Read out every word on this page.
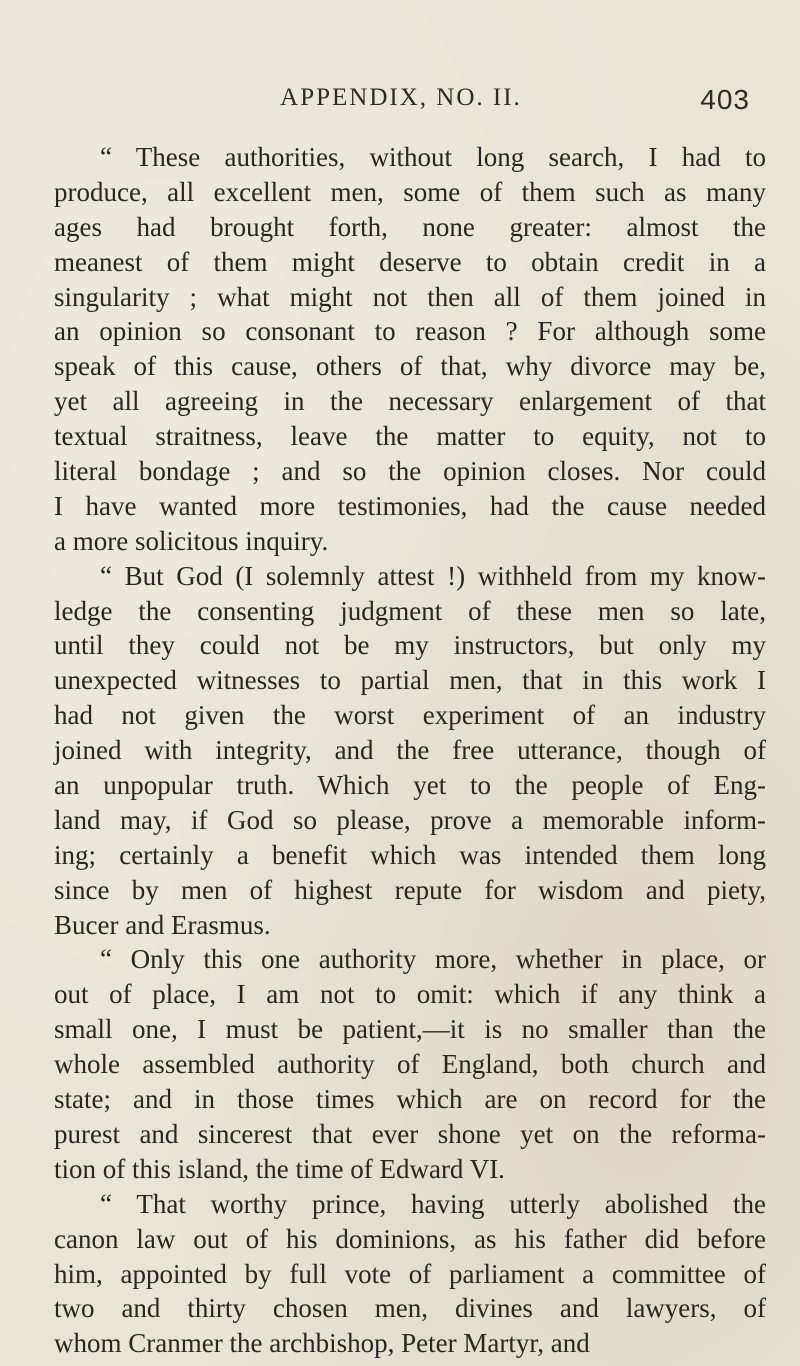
APPENDIX, NO. II.	403
“ These authorities, without long search, I had to
produce, all excellent men, some of them such as many
ages had brought forth, none greater: almost the
meanest of them might deserve to obtain credit in a
singularity ; what might not then all of them joined in
an opinion so consonant to reason ? For although some
speak of this cause, others of that, why divorce may be,
yet all agreeing in the necessary enlargement of that
textual straitness, leave the matter to equity, not to
literal bondage ; and so the opinion closes. Nor could
I have wanted more testimonies, had the cause needed
a more solicitous inquiry.
“ But God (I solemnly attest !) withheld from my know-
ledge the consenting judgment of these men so late,
until they could not be my instructors, but only my
unexpected witnesses to partial men, that in this work I
had not given the worst experiment of an industry
joined with integrity, and the free utterance, though of
an unpopular truth. Which yet to the people of Eng-
land may, if God so please, prove a memorable inform-
ing; certainly a benefit which was intended them long
since by men of highest repute for wisdom and piety,
Bucer and Erasmus.
“ Only this one authority more, whether in place, or
out of place, I am not to omit: which if any think a
small one, I must be patient,—it is no smaller than the
whole assembled authority of England, both church and
state; and in those times which are on record for the
purest and sincerest that ever shone yet on the reforma-
tion of this island, the time of Edward VI.
“ That worthy prince, having utterly abolished the
canon law out of his dominions, as his father did before
him, appointed by full vote of parliament a committee of
two and thirty chosen men, divines and lawyers, of
whom Cranmer the archbishop, Peter Martyr, and
